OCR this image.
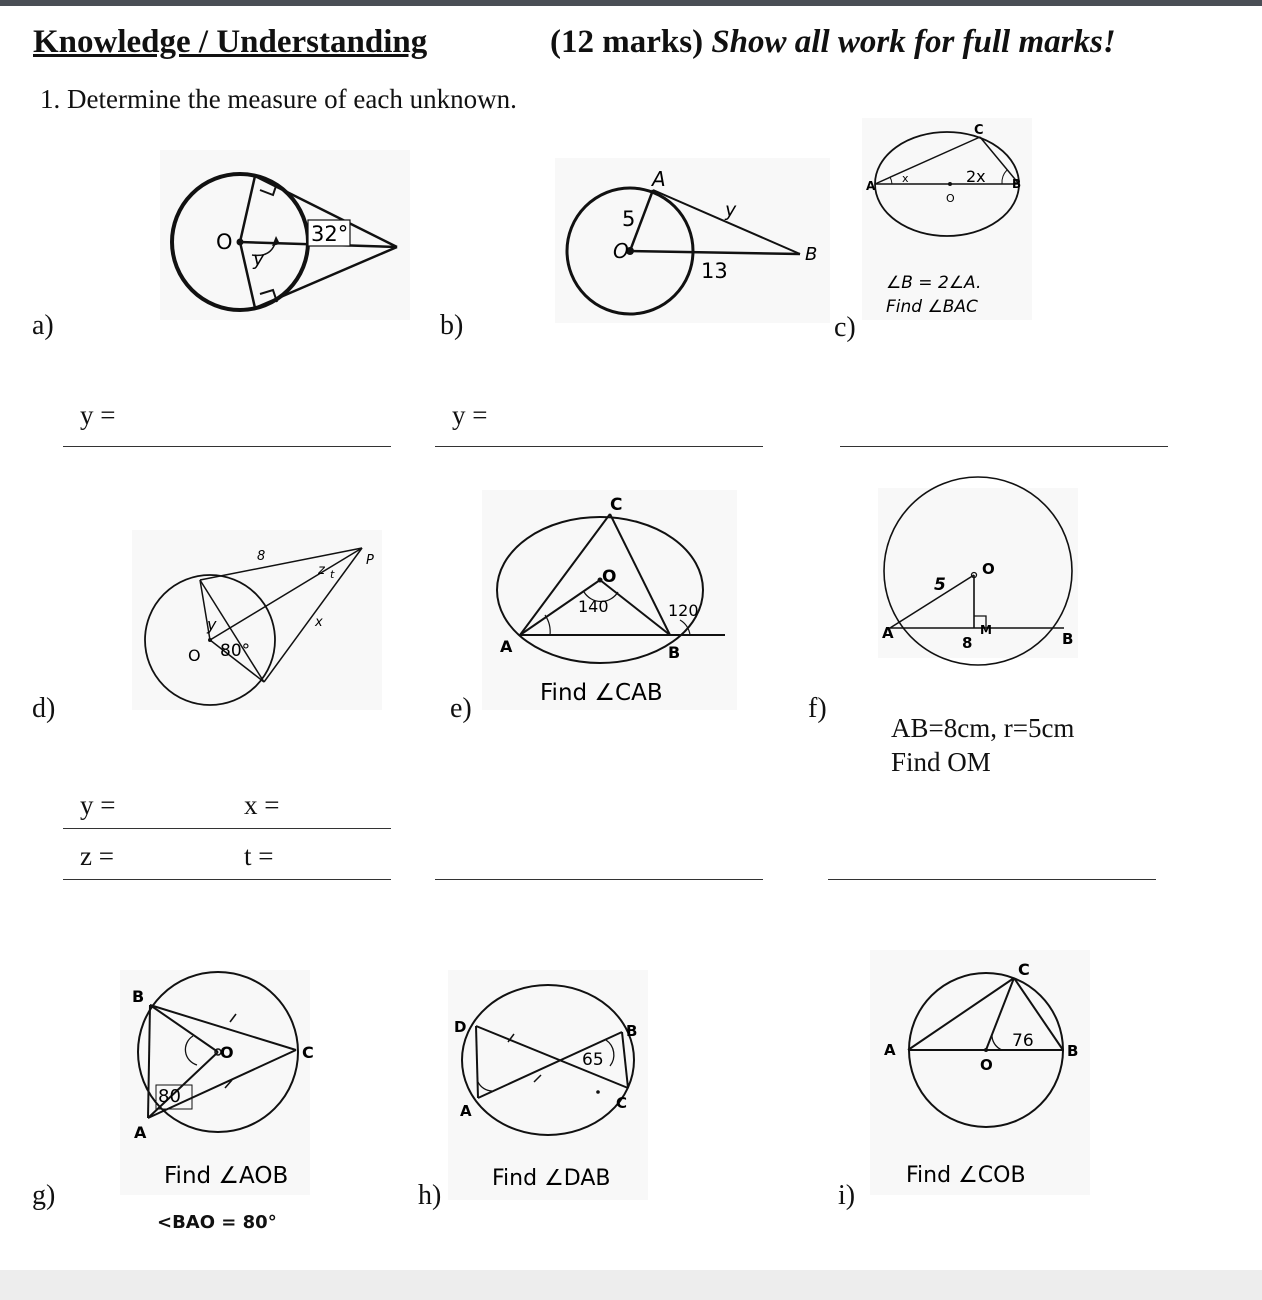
Knowledge / Understanding	(12 marks) Show all work for full marks!
1. Determine the measure of each unknown.
O
y
32°
a)
y =
O
5
A
y
13
B
b)
y =
C
A	B
x	2x
O
∠B = 2∠A.
Find ∠BAC
c)
O 80°
y
8
z t
x
P
d)
y =	x =
z =	t =
C
O
140	120
A	B
Find ∠CAB
e)
O
5
8
M
A	B
f)
AB=8cm, r=5cm
Find OM
B
O	C
A
80
Find ∠AOB
g)
<BAO = 80°
D	B
A	C
65
Find ∠DAB
h)
C
A	B
O
76
Find ∠COB
i)
